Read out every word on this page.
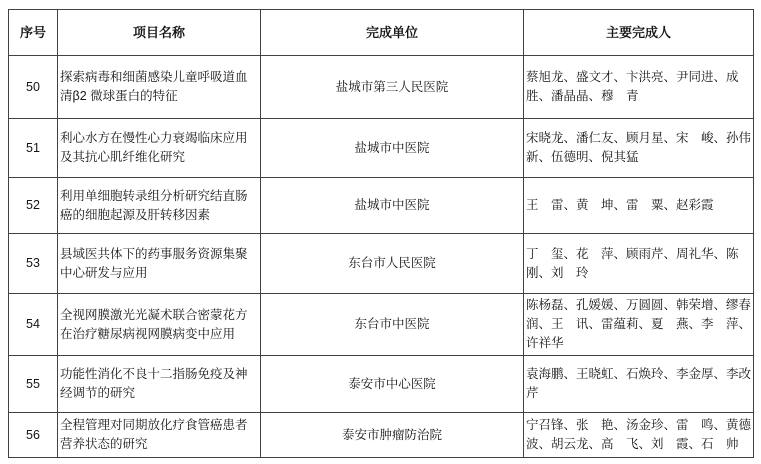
序号	项目名称	完成单位	主要完成人
50	探索病毒和细菌感染儿童呼吸道血清β2 微球蛋白的特征	盐城市第三人民医院	蔡旭龙、盛文才、卞洪亮、尹同进、成　胜、潘晶晶、穆　青
51	利心水方在慢性心力衰竭临床应用及其抗心肌纤维化研究	盐城市中医院	宋晓龙、潘仁友、顾月星、宋　峻、孙伟新、伍德明、倪其猛
52	利用单细胞转录组分析研究结直肠癌的细胞起源及肝转移因素	盐城市中医院	王　雷、黄　坤、雷　粟、赵彩霞
53	县域医共体下的药事服务资源集聚中心研发与应用	东台市人民医院	丁　玺、花　萍、顾雨芹、周礼华、陈　刚、刘　玲
54	全视网膜激光光凝术联合密蒙花方在治疗糖尿病视网膜病变中应用	东台市中医院	陈杨磊、孔媛媛、万圆圆、韩荣增、缪春润、王　讯、雷蕴莉、夏　燕、李　萍、许祥华
55	功能性消化不良十二指肠免疫及神经调节的研究	泰安市中心医院	袁海鹏、王晓虹、石焕玲、李金厚、李改芹
56	全程管理对同期放化疗食管癌患者营养状态的研究	泰安市肿瘤防治院	宁召锋、张　艳、汤金珍、雷　鸣、黄德波、胡云龙、高　飞、刘　霞、石　帅
